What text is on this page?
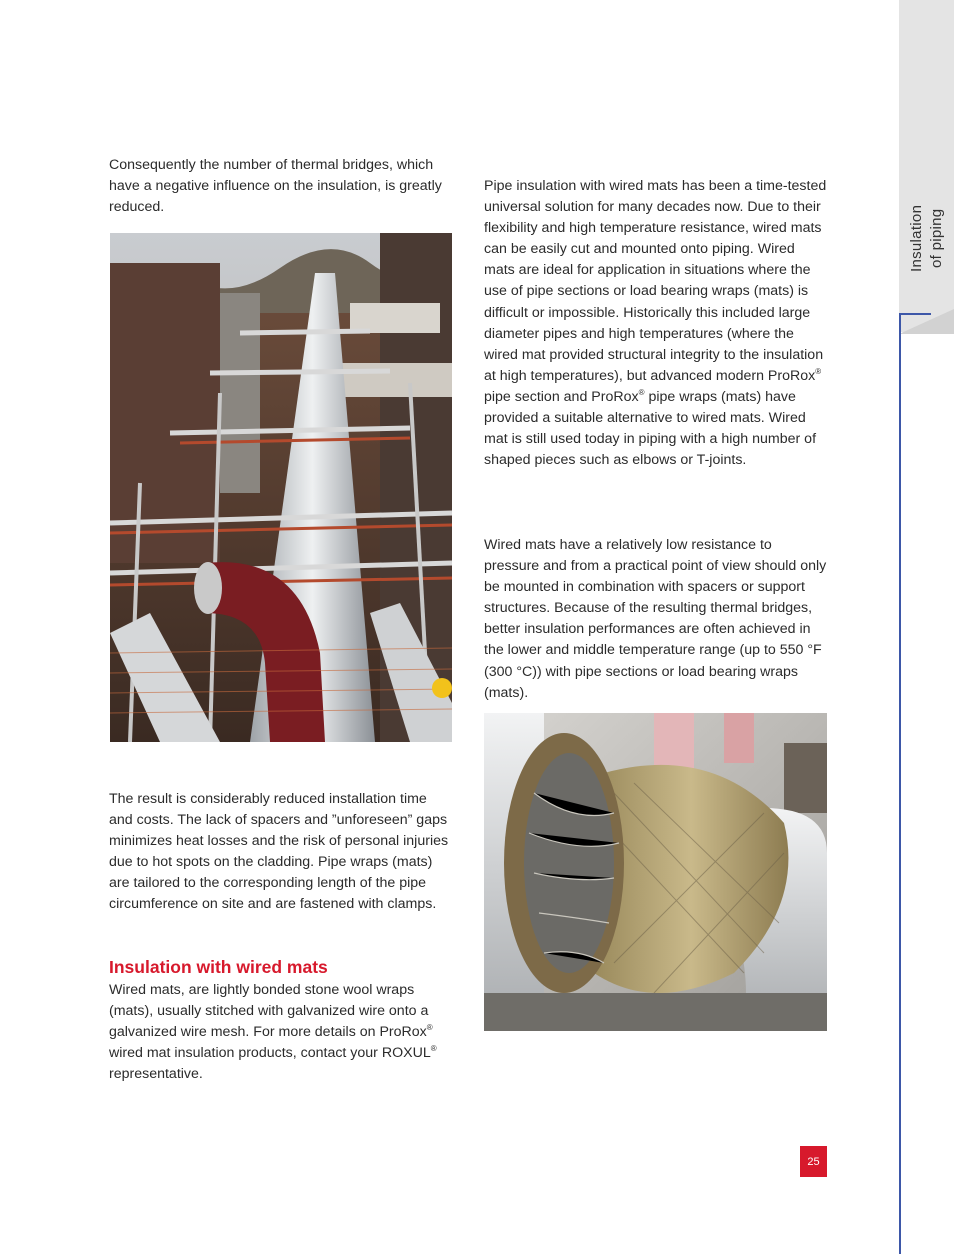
Insulation of piping

Consequently the number of thermal bridges, which have a negative influence on the insulation, is greatly reduced.

The result is considerably reduced installation time and costs. The lack of spacers and ”unforeseen” gaps minimizes heat losses and the risk of personal injuries due to hot spots on the cladding. Pipe wraps (mats) are tailored to the corresponding length of the pipe circumference on site and are fastened with clamps.

Insulation with wired mats

Wired mats, are lightly bonded stone wool wraps (mats), usually stitched with galvanized wire onto a galvanized wire mesh. For more details on ProRox® wired mat insulation products, contact your ROXUL® representative.

Pipe insulation with wired mats has been a time-tested universal solution for many decades now. Due to their flexibility and high temperature resistance, wired mats can be easily cut and mounted onto piping. Wired mats are ideal for application in situations where the use of pipe sections or load bearing wraps (mats) is difficult or impossible. Historically this included large diameter pipes and high temperatures (where the wired mat provided structural integrity to the insulation at high temperatures), but advanced modern ProRox® pipe section and ProRox® pipe wraps (mats) have provided a suitable alternative to wired mats. Wired mat is still used today in piping with a high number of shaped pieces such as elbows or T-joints.

Wired mats have a relatively low resistance to pressure and from a practical point of view should only be mounted in combination with spacers or support structures. Because of the resulting thermal bridges, better insulation performances are often achieved in the lower and middle temperature range (up to 550 °F (300 °C)) with pipe sections or load bearing wraps (mats).

25
